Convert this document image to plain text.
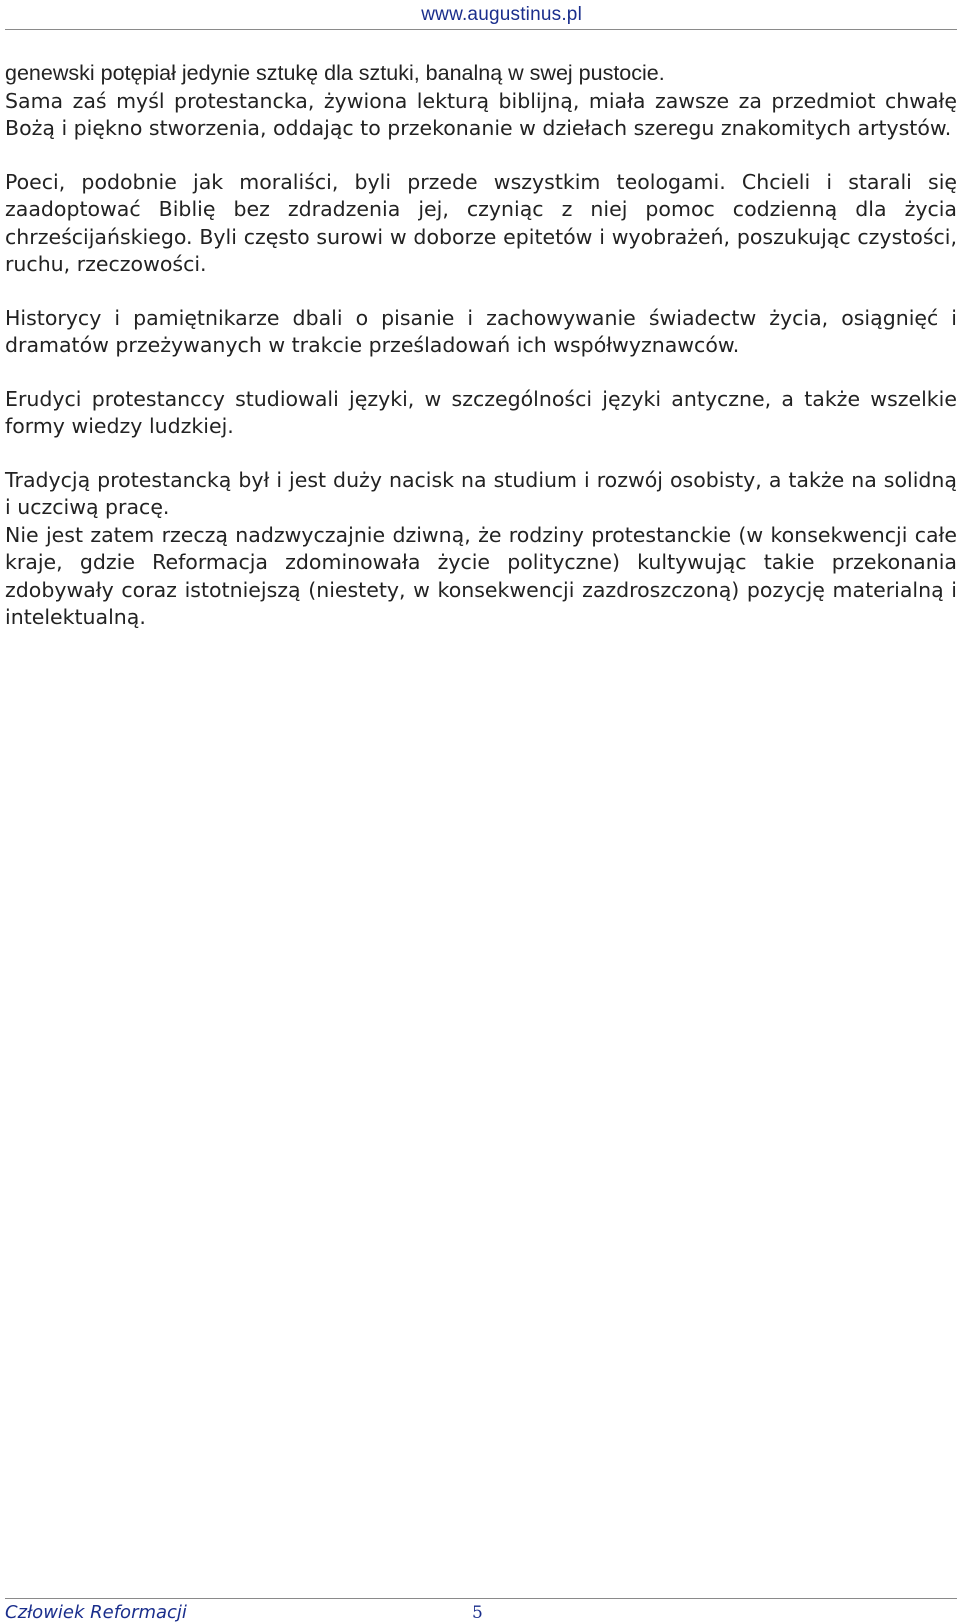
www.augustinus.pl

genewski potępiał jedynie sztukę dla sztuki, banalną w swej pustocie.

Sama zaś myśl protestancka, żywiona lekturą biblijną, miała zawsze za przedmiot chwałę Bożą i piękno stworzenia, oddając to przekonanie w dziełach szeregu znakomitych artystów.

Poeci, podobnie jak moraliści, byli przede wszystkim teologami. Chcieli i starali się zaadoptować Biblię bez zdradzenia jej, czyniąc z niej pomoc codzienną dla życia chrześcijańskiego. Byli często surowi w doborze epitetów i wyobrażeń, poszukując czystości, ruchu, rzeczowości.

Historycy i pamiętnikarze dbali o pisanie i zachowywanie świadectw życia, osiągnięć i dramatów przeżywanych w trakcie prześladowań ich współwyznawców.

Erudyci protestanccy studiowali języki, w szczególności języki antyczne, a także wszelkie formy wiedzy ludzkiej.

Tradycją protestancką był i jest duży nacisk na studium i rozwój osobisty, a także na solidną i uczciwą pracę.

Nie jest zatem rzeczą nadzwyczajnie dziwną, że rodziny protestanckie (w konsekwencji całe kraje, gdzie Reformacja zdominowała życie polityczne) kultywując takie przekonania zdobywały coraz istotniejszą (niestety, w konsekwencji zazdroszczoną) pozycję materialną i intelektualną.

Człowiek Reformacji	5
